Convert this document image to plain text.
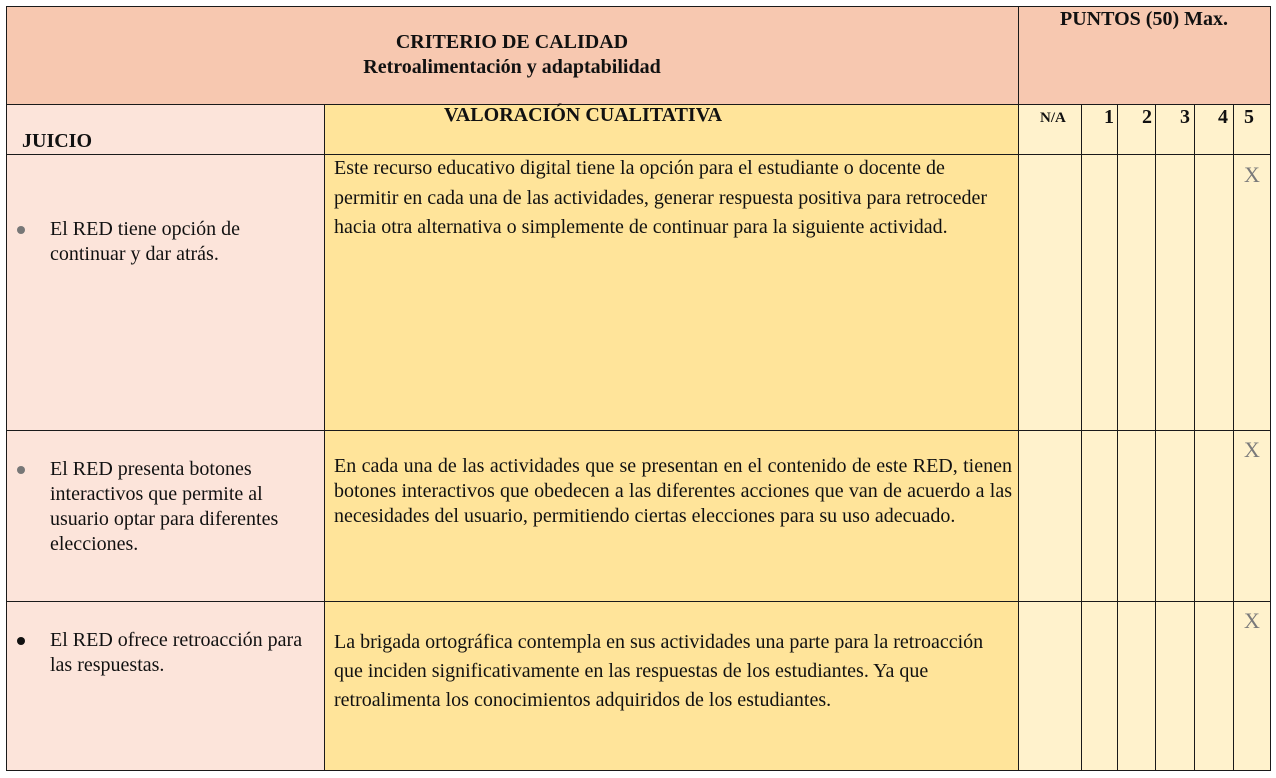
CRITERIO DE CALIDAD
Retroalimentación y adaptabilidad
PUNTOS (50) Max.
JUICIO
VALORACIÓN CUALITATIVA	N/A 1 2 3 4 5
El RED tiene opción de continuar y dar atrás.
Este recurso educativo digital tiene la opción para el estudiante o docente de permitir en cada una de las actividades, generar respuesta positiva para retroceder hacia otra alternativa o simplemente de continuar para la siguiente actividad.
X
El RED presenta botones interactivos que permite al usuario optar para diferentes elecciones.
En cada una de las actividades que se presentan en el contenido de este RED, tienen botones interactivos que obedecen a las diferentes acciones que van de acuerdo a las necesidades del usuario, permitiendo ciertas elecciones para su uso adecuado.
X
El RED ofrece retroacción para las respuestas.
La brigada ortográfica contempla en sus actividades una parte para la retroacción que inciden significativamente en las respuestas de los estudiantes. Ya que retroalimenta los conocimientos adquiridos de los estudiantes.
X
